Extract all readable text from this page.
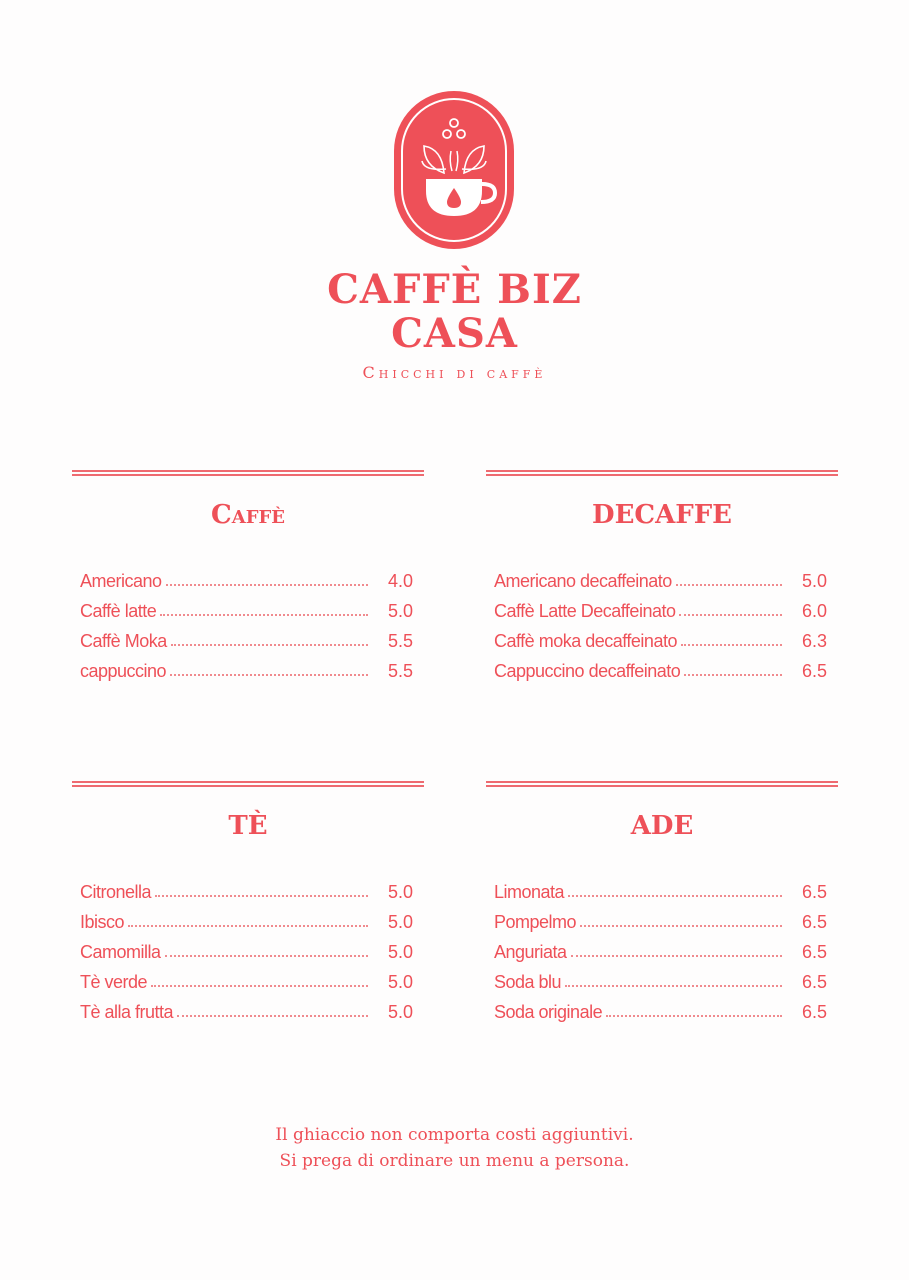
CAFFÈ BIZ
CASA
Chicchi di caffè
Caffè
Americano	4.0
Caffè latte	5.0
Caffè Moka	5.5
cappuccino	5.5
DECAFFE
Americano decaffeinato	5.0
Caffè Latte Decaffeinato	6.0
Caffè moka decaffeinato	6.3
Cappuccino decaffeinato	6.5
TÈ
Citronella	5.0
Ibisco	5.0
Camomilla	5.0
Tè verde	5.0
Tè alla frutta	5.0
ADE
Limonata	6.5
Pompelmo	6.5
Anguriata	6.5
Soda blu	6.5
Soda originale	6.5
Il ghiaccio non comporta costi aggiuntivi.
Si prega di ordinare un menu a persona.
